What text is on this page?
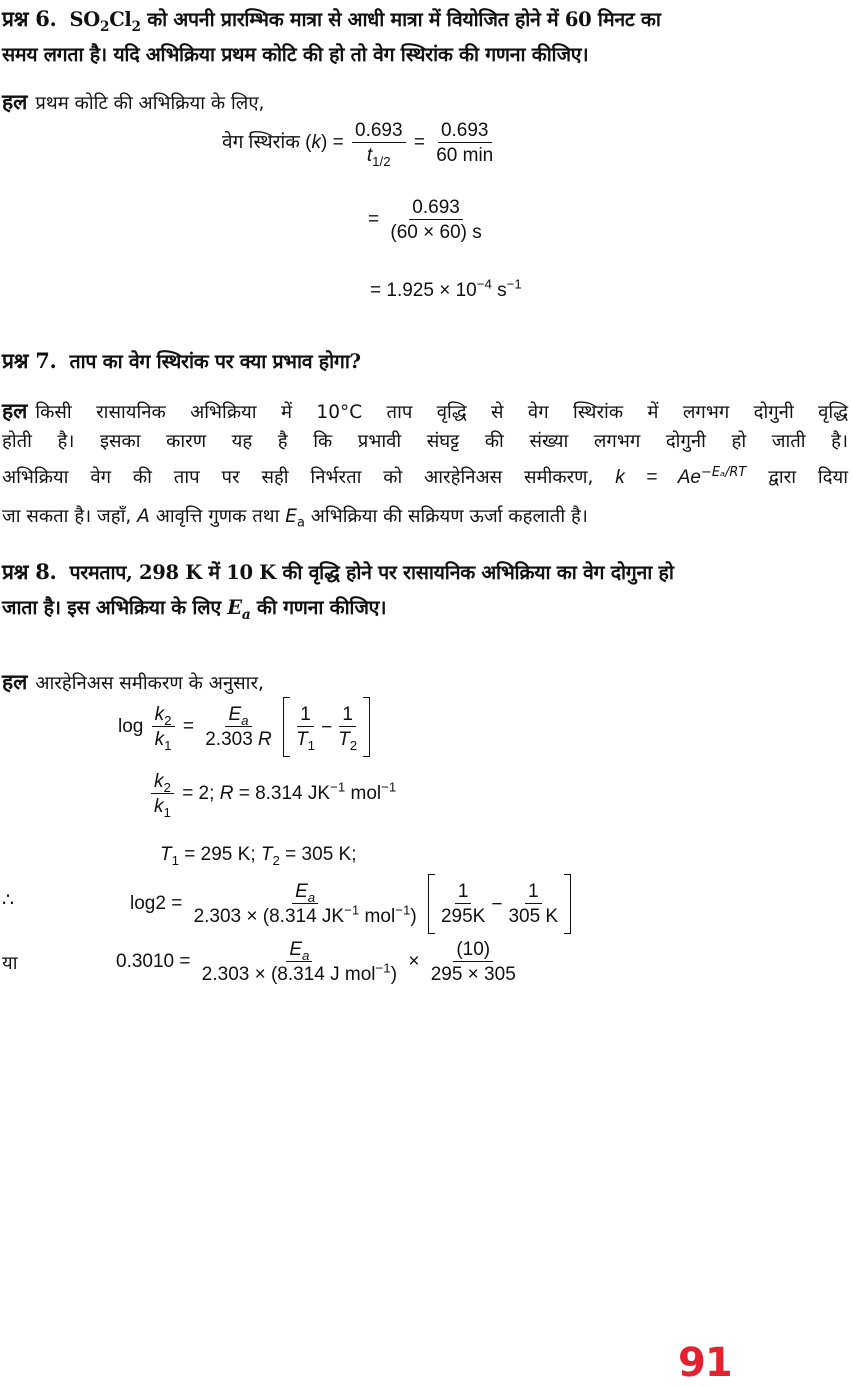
प्रश्न 6. $SO_2Cl_2$ को अपनी प्रारम्भिक मात्रा से आधी मात्रा में वियोजित होने में 60 मिनट का
समय लगता है। यदि अभिक्रिया प्रथम कोटि की हो तो वेग स्थिरांक की गणना कीजिए।
हल प्रथम कोटि की अभिक्रिया के लिए,
वेग स्थिरांक $(k) = \frac{0.693}{t_{1/2}} = \frac{0.693}{60 \min}$
= $\frac{0.693}{(60 \times 60) s}$
= $1.925 \times 10^{-4}$ $s^{-1}$
प्रश्न 7. ताप का वेग स्थिरांक पर क्या प्रभाव होगा?
हल किसी रासायनिक अभिक्रिया में 10°C ताप वृद्धि से वेग स्थिरांक में लगभग दोगुनी वृद्धि
होती है। इसका कारण यह है कि प्रभावी संघट्ट की संख्या लगभग दोगुनी हो जाती है।
अभिक्रिया वेग की ताप पर सही निर्भरता को आरहेनिअस समीकरण, $k = Ae^{-E_a/RT}$ द्वारा दिया
जा सकता है। जहाँ, A आवृत्ति गुणक तथा $E_a$ अभिक्रिया की सक्रियण ऊर्जा कहलाती है।
प्रश्न 8. परमताप, 298 K में 10 K की वृद्धि होने पर रासायनिक अभिक्रिया का वेग दोगुना हो
जाता है। इस अभिक्रिया के लिए $E_a$ की गणना कीजिए।
हल आरहेनिअस समीकरण के अनुसार,
$\log \frac{k_2}{k_1} = \frac{E_a}{2.303 R}$
$\frac{1}{T_1} - \frac{1}{T_2}$
$\frac{k_2}{k_1} = 2$; R = 8.314 $JK^{-1}$ mol$^{-1}$
$T_1 = 295$ K; $T_2 = 305$ K;
∴	$\log 2 = \frac{E_a}{2.303 \times (8.314 JK^{-1} mol^{-1})}$
$\frac{1}{295K} - \frac{1}{305 K}$
या	$0.3010 = \frac{E_a}{2.303 \times (8.314 J mol^{-1})} \times \frac{(10)}{295 \times 305}$
91
